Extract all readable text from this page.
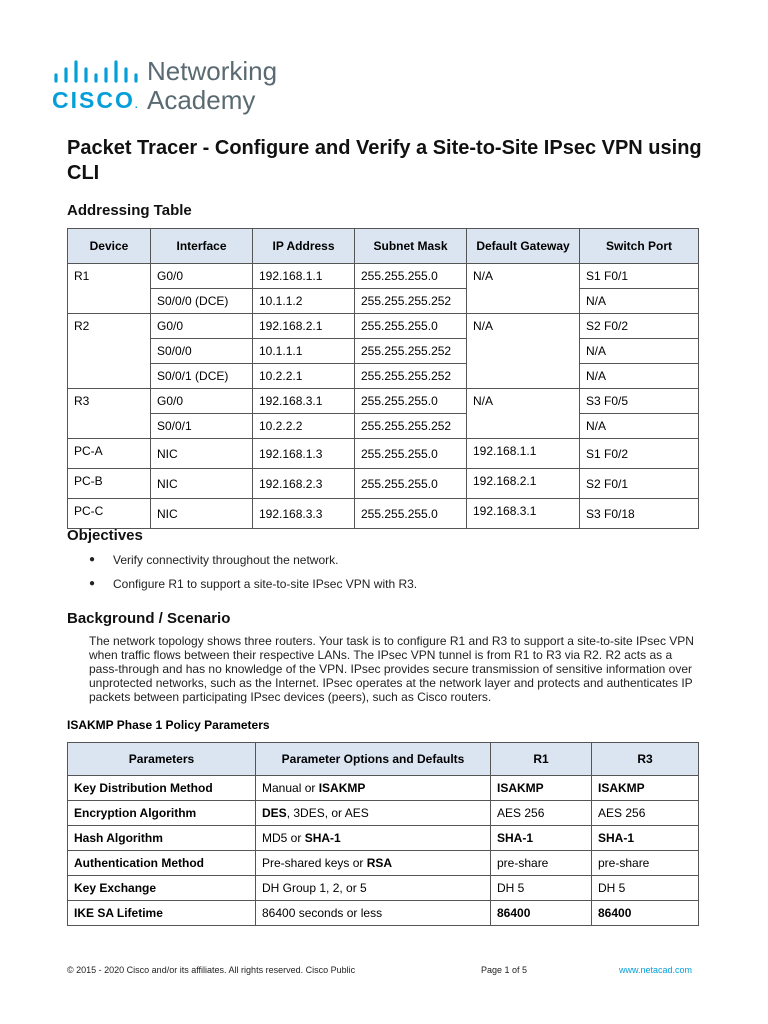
CISCO.
Networking
Academy
Packet Tracer - Configure and Verify a Site-to-Site IPsec VPN using CLI
Addressing Table
Device	Interface	IP Address	Subnet Mask	Default Gateway	Switch Port
R1	G0/0	192.168.1.1	255.255.255.0	N/A	S1 F0/1
	S0/0/0 (DCE)	10.1.1.2	255.255.255.252		N/A
R2	G0/0	192.168.2.1	255.255.255.0	N/A	S2 F0/2
	S0/0/0	10.1.1.1	255.255.255.252		N/A
	S0/0/1 (DCE)	10.2.2.1	255.255.255.252		N/A
R3	G0/0	192.168.3.1	255.255.255.0	N/A	S3 F0/5
	S0/0/1	10.2.2.2	255.255.255.252		N/A
PC-A	NIC	192.168.1.3	255.255.255.0	192.168.1.1	S1 F0/2
PC-B	NIC	192.168.2.3	255.255.255.0	192.168.2.1	S2 F0/1
PC-C	NIC	192.168.3.3	255.255.255.0	192.168.3.1	S3 F0/18
Objectives
● Verify connectivity throughout the network.
● Configure R1 to support a site-to-site IPsec VPN with R3.
Background / Scenario
The network topology shows three routers. Your task is to configure R1 and R3 to support a site-to-site IPsec VPN when traffic flows between their respective LANs. The IPsec VPN tunnel is from R1 to R3 via R2. R2 acts as a pass-through and has no knowledge of the VPN. IPsec provides secure transmission of sensitive information over unprotected networks, such as the Internet. IPsec operates at the network layer and protects and authenticates IP packets between participating IPsec devices (peers), such as Cisco routers.
ISAKMP Phase 1 Policy Parameters
Parameters	Parameter Options and Defaults	R1	R3
Key Distribution Method	Manual or ISAKMP	ISAKMP	ISAKMP
Encryption Algorithm	DES, 3DES, or AES	AES 256	AES 256
Hash Algorithm	MD5 or SHA-1	SHA-1	SHA-1
Authentication Method	Pre-shared keys or RSA	pre-share	pre-share
Key Exchange	DH Group 1, 2, or 5	DH 5	DH 5
IKE SA Lifetime	86400 seconds or less	86400	86400
© 2015 - 2020 Cisco and/or its affiliates. All rights reserved. Cisco Public	Page 1 of 5	www.netacad.com
